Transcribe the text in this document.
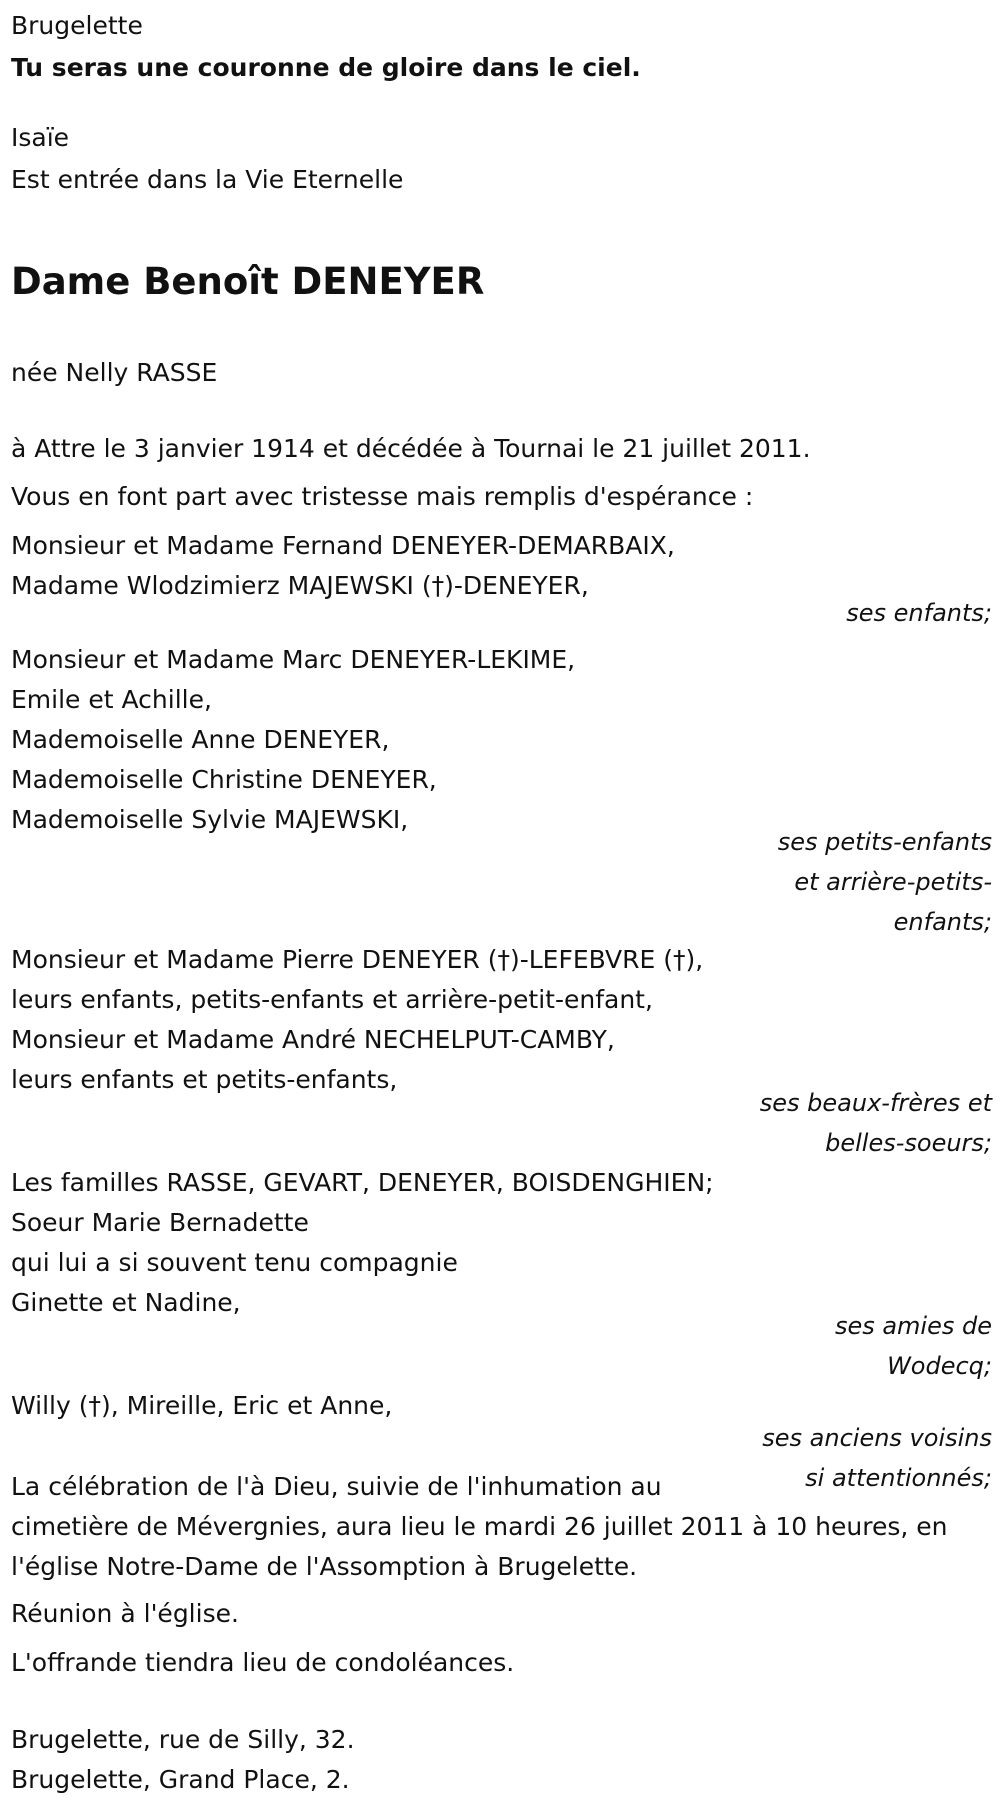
Brugelette
Tu seras une couronne de gloire dans le ciel.
Isaïe
Est entrée dans la Vie Eternelle
Dame Benoît DENEYER
née Nelly RASSE
à Attre le 3 janvier 1914 et décédée à Tournai le 21 juillet 2011.
Vous en font part avec tristesse mais remplis d'espérance :
Monsieur et Madame Fernand DENEYER-DEMARBAIX,
Madame Wlodzimierz MAJEWSKI (†)-DENEYER,
ses enfants;
Monsieur et Madame Marc DENEYER-LEKIME,
Emile et Achille,
Mademoiselle Anne DENEYER,
Mademoiselle Christine DENEYER,
Mademoiselle Sylvie MAJEWSKI,
ses petits-enfants
et arrière-petits-
enfants;
Monsieur et Madame Pierre DENEYER (†)-LEFEBVRE (†),
leurs enfants, petits-enfants et arrière-petit-enfant,
Monsieur et Madame André NECHELPUT-CAMBY,
leurs enfants et petits-enfants,
ses beaux-frères et
belles-soeurs;
Les familles RASSE, GEVART, DENEYER, BOISDENGHIEN;
Soeur Marie Bernadette
qui lui a si souvent tenu compagnie
Ginette et Nadine,
ses amies de
Wodecq;
Willy (†), Mireille, Eric et Anne,
ses anciens voisins
si attentionnés;
La célébration de l'à Dieu, suivie de l'inhumation au
cimetière de Mévergnies, aura lieu le mardi 26 juillet 2011 à 10 heures, en
l'église Notre-Dame de l'Assomption à Brugelette.
Réunion à l'église.
L'offrande tiendra lieu de condoléances.
Brugelette, rue de Silly, 32.
Brugelette, Grand Place, 2.
